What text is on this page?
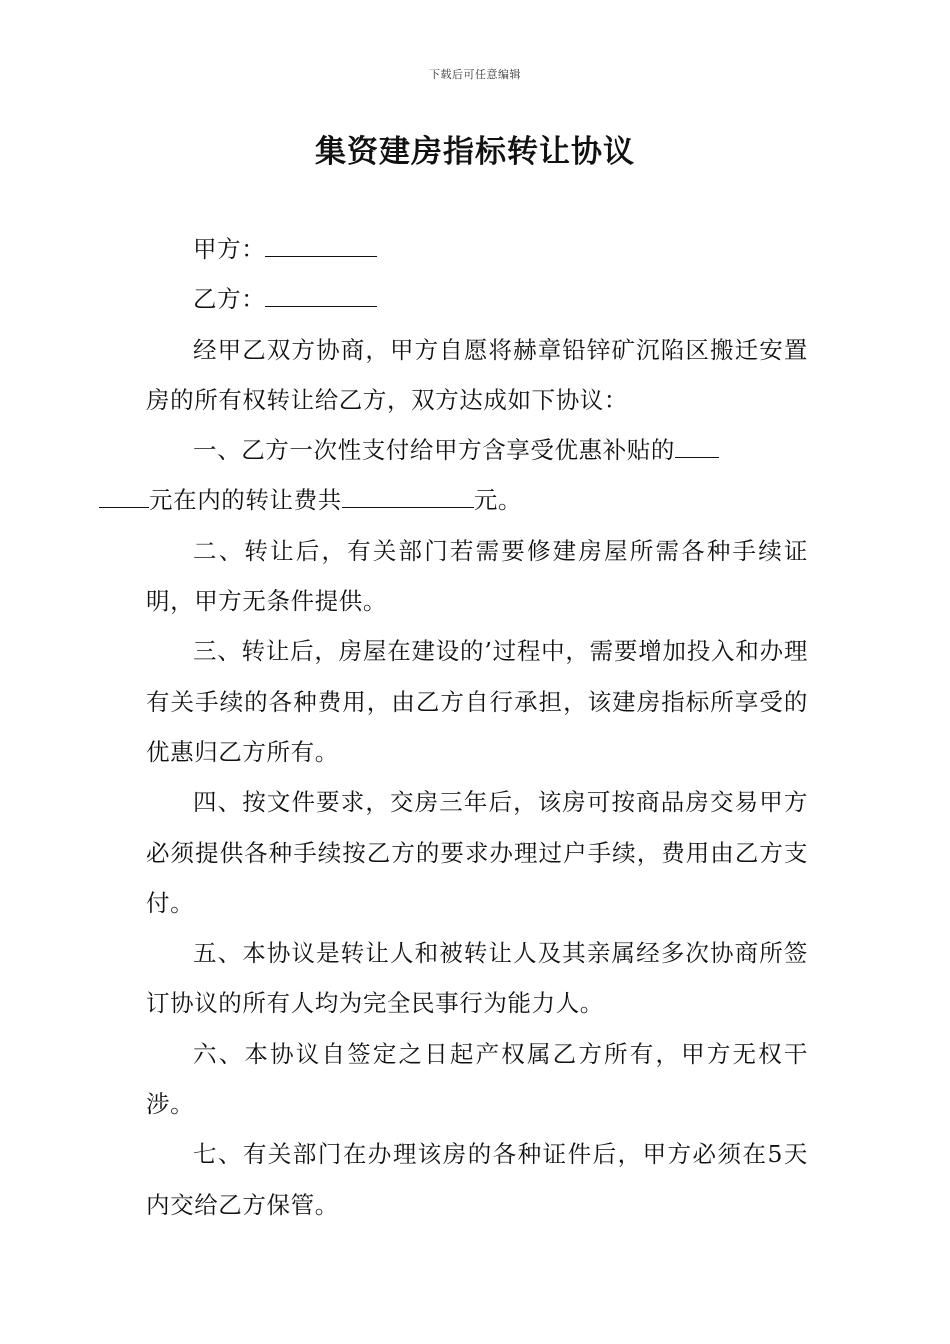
下载后可任意编辑
集资建房指标转让协议

甲方：

乙方：

经甲乙双方协商，甲方自愿将赫章铅锌矿沉陷区搬迁安置房的所有权转让给乙方，双方达成如下协议：

一、乙方一次性支付给甲方含享受优惠补贴的
元在内的转让费共	元。

二、转让后，有关部门若需要修建房屋所需各种手续证明，甲方无条件提供。

三、转让后，房屋在建设的’过程中，需要增加投入和办理有关手续的各种费用，由乙方自行承担，该建房指标所享受的优惠归乙方所有。

四、按文件要求，交房三年后，该房可按商品房交易甲方必须提供各种手续按乙方的要求办理过户手续，费用由乙方支付。

五、本协议是转让人和被转让人及其亲属经多次协商所签订协议的所有人均为完全民事行为能力人。

六、本协议自签定之日起产权属乙方所有，甲方无权干涉。

七、有关部门在办理该房的各种证件后，甲方必须在5天内交给乙方保管。
